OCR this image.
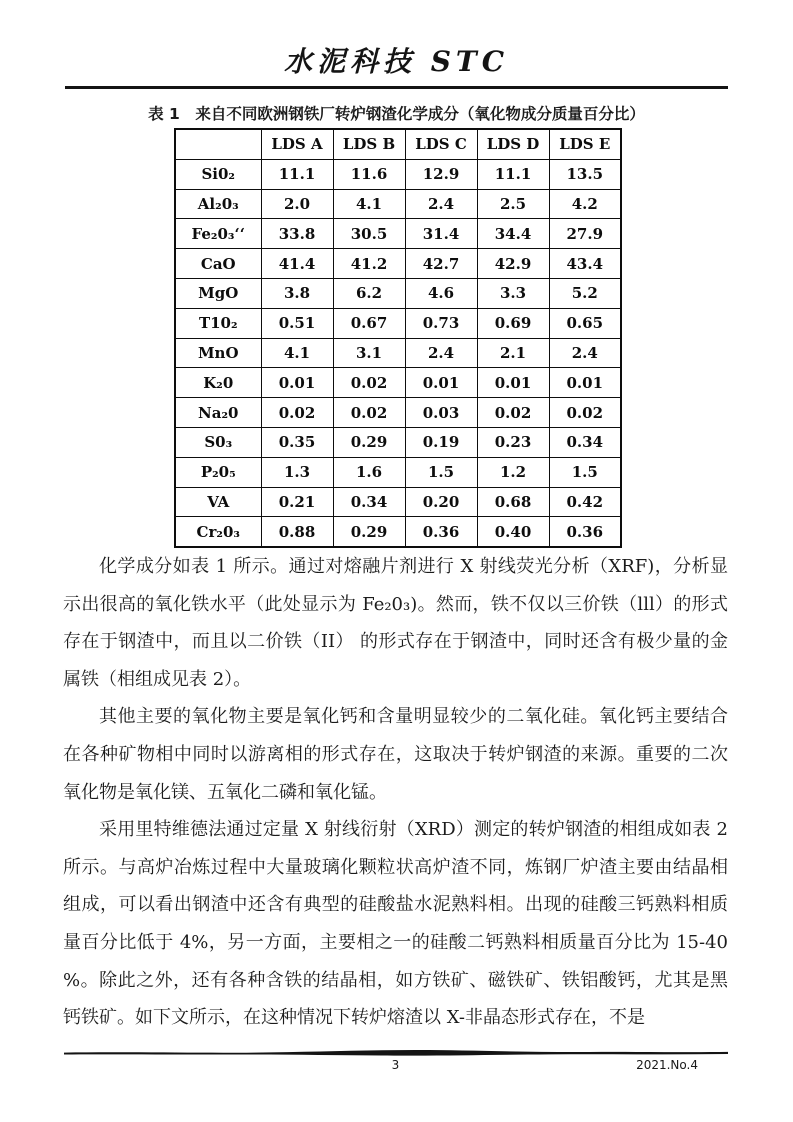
水泥科技 STC
表 1　来自不同欧洲钢铁厂转炉钢渣化学成分（氧化物成分质量百分比）
	LDS A	LDS B	LDS C	LDS D	LDS E
Si0₂	11.1	11.6	12.9	11.1	13.5
Al₂0₃	2.0	4.1	2.4	2.5	4.2
Fe₂0₃‘‘	33.8	30.5	31.4	34.4	27.9
CaO	41.4	41.2	42.7	42.9	43.4
MgO	3.8	6.2	4.6	3.3	5.2
T10₂	0.51	0.67	0.73	0.69	0.65
MnO	4.1	3.1	2.4	2.1	2.4
K₂0	0.01	0.02	0.01	0.01	0.01
Na₂0	0.02	0.02	0.03	0.02	0.02
S0₃	0.35	0.29	0.19	0.23	0.34
P₂0₅	1.3	1.6	1.5	1.2	1.5
VA	0.21	0.34	0.20	0.68	0.42
Cr₂0₃	0.88	0.29	0.36	0.40	0.36

化学成分如表 1 所示。通过对熔融片剂进行 X 射线荧光分析（XRF)，分析显示出很高的氧化铁水平（此处显示为 Fe₂0₃)。然而，铁不仅以三价铁（lll）的形式存在于钢渣中，而且以二价铁（II） 的形式存在于钢渣中，同时还含有极少量的金属铁（相组成见表 2）。

其他主要的氧化物主要是氧化钙和含量明显较少的二氧化硅。氧化钙主要结合在各种矿物相中同时以游离相的形式存在，这取决于转炉钢渣的来源。重要的二次氧化物是氧化镁、五氧化二磷和氧化锰。

采用里特维德法通过定量 X 射线衍射（XRD）测定的转炉钢渣的相组成如表 2 所示。与高炉冶炼过程中大量玻璃化颗粒状高炉渣不同，炼钢厂炉渣主要由结晶相组成，可以看出钢渣中还含有典型的硅酸盐水泥熟料相。出现的硅酸三钙熟料相质量百分比低于 4%，另一方面，主要相之一的硅酸二钙熟料相质量百分比为 15-40 %。除此之外，还有各种含铁的结晶相，如方铁矿、磁铁矿、铁铝酸钙，尤其是黑钙铁矿。如下文所示，在这种情况下转炉熔渣以 X-非晶态形式存在，不是

3	2021.No.4
